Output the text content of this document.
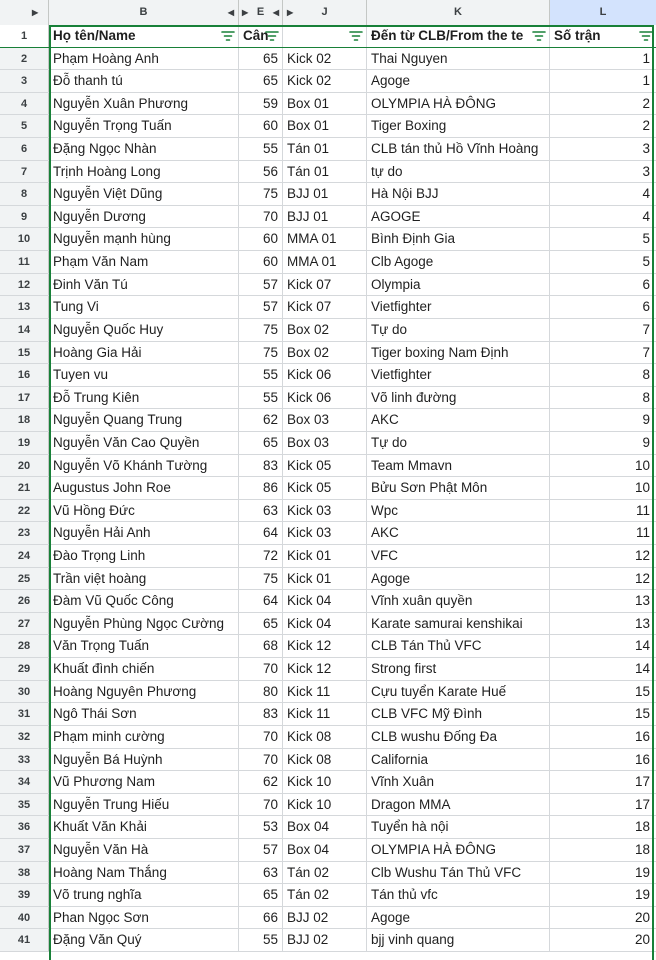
▶	B	◀	E
▶	◀	J
▶	K	L
1	Họ tên/Name	Cân	Đến từ CLB/From the te	Số trận
2	Phạm Hoàng Anh	65 Kick 02	Thai Nguyen	1
3	Đỗ thanh tú	65 Kick 02	Agoge	1
4	Nguyễn Xuân Phương	59 Box 01	OLYMPIA HÀ ĐÔNG	2
5	Nguyễn Trọng Tuấn	60 Box 01	Tiger Boxing	2
6	Đặng Ngọc Nhàn	55 Tán 01	CLB tán thủ Hồ Vĩnh Hoàng	3
7	Trịnh Hoàng Long	56 Tán 01	tự do	3
8	Nguyễn Việt Dũng	75 BJJ 01	Hà Nội BJJ	4
9	Nguyễn Dương	70 BJJ 01	AGOGE	4
10	Nguyễn mạnh hùng	60 MMA 01	Bình Định Gia	5
11	Phạm Văn Nam	60 MMA 01	Clb Agoge	5
12	Đinh Văn Tú	57 Kick 07	Olympia	6
13	Tung Vi	57 Kick 07	Vietfighter	6
14	Nguyễn Quốc Huy	75 Box 02	Tự do	7
15	Hoàng Gia Hải	75 Box 02	Tiger boxing Nam Định	7
16	Tuyen vu	55 Kick 06	Vietfighter	8
17	Đỗ Trung Kiên	55 Kick 06	Võ linh đường	8
18	Nguyễn Quang Trung	62 Box 03	AKC	9
19	Nguyễn Văn Cao Quyền	65 Box 03	Tự do	9
20	Nguyễn Võ Khánh Tường	83 Kick 05	Team Mmavn	10
21	Augustus John Roe	86 Kick 05	Bửu Sơn Phật Môn	10
22	Vũ Hồng Đức	63 Kick 03	Wpc	11
23	Nguyễn Hải Anh	64 Kick 03	AKC	11
24	Đào Trọng Linh	72 Kick 01	VFC	12
25	Trần việt hoàng	75 Kick 01	Agoge	12
26	Đàm Vũ Quốc Công	64 Kick 04	Vĩnh xuân quyền	13
27	Nguyễn Phùng Ngọc Cường	65 Kick 04	Karate samurai kenshikai	13
28	Văn Trọng Tuấn	68 Kick 12	CLB Tán Thủ VFC	14
29	Khuất đình chiến	70 Kick 12	Strong first	14
30	Hoàng Nguyên Phương	80 Kick 11	Cựu tuyển Karate Huế	15
31	Ngô Thái Sơn	83 Kick 11	CLB VFC Mỹ Đình	15
32	Phạm minh cường	70 Kick 08	CLB wushu Đống Đa	16
33	Nguyễn Bá Huỳnh	70 Kick 08	California	16
34	Vũ Phương Nam	62 Kick 10	Vĩnh Xuân	17
35	Nguyễn Trung Hiếu	70 Kick 10	Dragon MMA	17
36	Khuất Văn Khải	53 Box 04	Tuyển hà nội	18
37	Nguyễn Văn Hà	57 Box 04	OLYMPIA HÀ ĐÔNG	18
38	Hoàng Nam Thắng	63 Tán 02	Clb Wushu Tán Thủ VFC	19
39	Võ trung nghĩa	65 Tán 02	Tán thủ vfc	19
40	Phan Ngọc Sơn	66 BJJ 02	Agoge	20
41	Đặng Văn Quý	55 BJJ 02	bjj vinh quang	20
